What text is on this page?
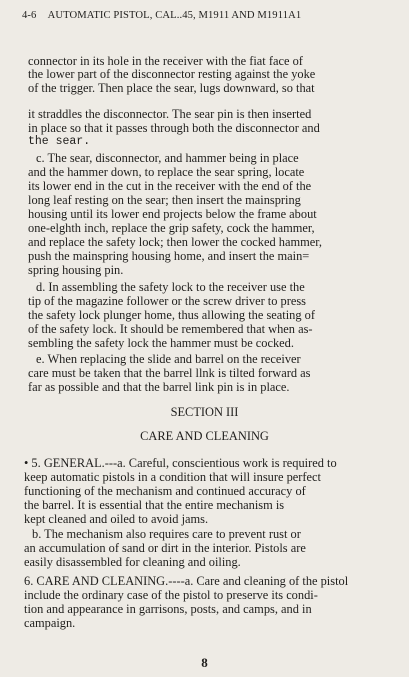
4-6 AUTOMATIC PISTOL, CAL..45, M1911 AND M1911A1
connector in its hole in the receiver with the fiat face of
the lower part of the disconnector resting against the yoke
of the trigger. Then place the sear, lugs downward, so that
it straddles the disconnector. The sear pin is then inserted
in place so that it passes through both the disconnector and
the sear.
c. The sear, disconnector, and hammer being in place
and the hammer down, to replace the sear spring, locate
its lower end in the cut in the receiver with the end of the
long leaf resting on the sear; then insert the mainspring
housing until its lower end projects below the frame about
one-elghth inch, replace the grip safety, cock the hammer,
and replace the safety lock; then lower the cocked hammer,
push the mainspring housing home, and insert the main=
spring housing pin.
d. In assembling the safety lock to the receiver use the
tip of the magazine follower or the screw driver to press
the safety lock plunger home, thus allowing the seating of
of the safety lock. It should be remembered that when as-
sembling the safety lock the hammer must be cocked.
e. When replacing the slide and barrel on the receiver
care must be taken that the barrel llnk is tilted forward as
far as possible and that the barrel link pin is in place.
SECTION III
CARE AND CLEANING
• 5. GENERAL.---a. Careful, conscientious work is required to
keep automatic pistols in a condition that will insure perfect
functioning of the mechanism and continued accuracy of
the barrel. It is essential that the entire mechanism is
kept cleaned and oiled to avoid jams.
b. The mechanism also requires care to prevent rust or
an accumulation of sand or dirt in the interior. Pistols are
easily disassembled for cleaning and oiling.
6. CARE AND CLEANING.----a. Care and cleaning of the pistol
include the ordinary case of the pistol to preserve its condi-
tion and appearance in garrisons, posts, and camps, and in
campaign.
8
